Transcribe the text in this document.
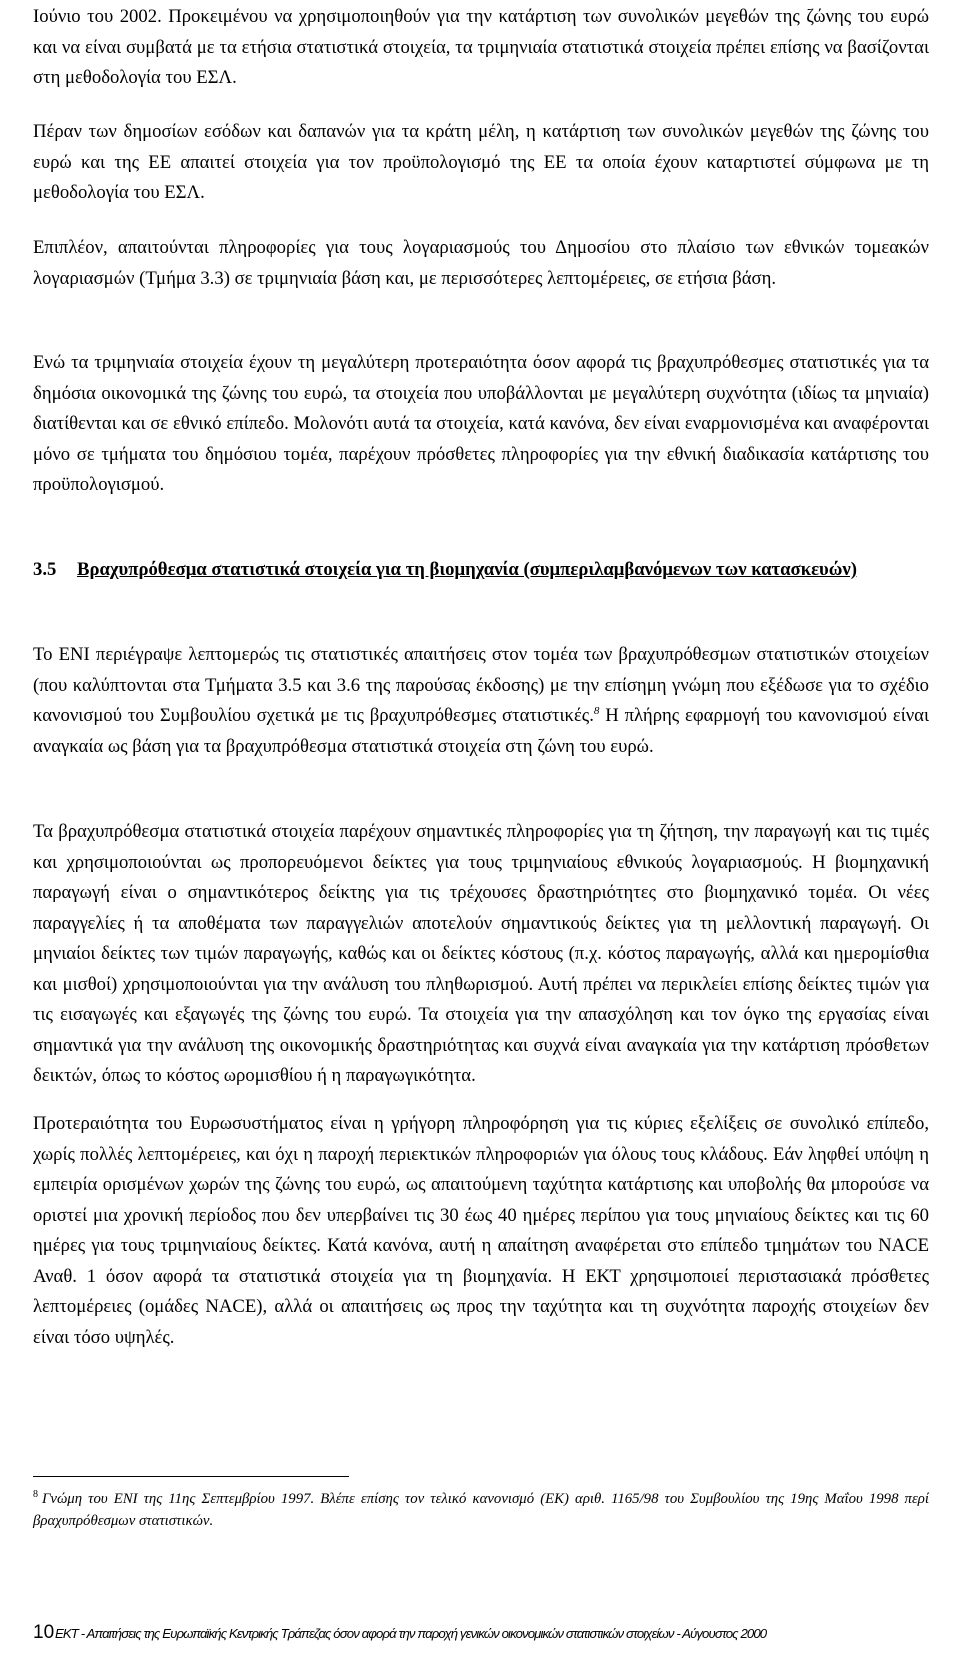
Ιούνιο του 2002. Προκειμένου να χρησιμοποιηθούν για την κατάρτιση των συνολικών μεγεθών της ζώνης του ευρώ και να είναι συμβατά με τα ετήσια στατιστικά στοιχεία, τα τριμηνιαία στατιστικά στοιχεία πρέπει επίσης να βασίζονται στη μεθοδολογία του ΕΣΛ.

Πέραν των δημοσίων εσόδων και δαπανών για τα κράτη μέλη, η κατάρτιση των συνολικών μεγεθών της ζώνης του ευρώ και της ΕΕ απαιτεί στοιχεία για τον προϋπολογισμό της ΕΕ τα οποία έχουν καταρτιστεί σύμφωνα με τη μεθοδολογία του ΕΣΛ.

Επιπλέον, απαιτούνται πληροφορίες για τους λογαριασμούς του Δημοσίου στο πλαίσιο των εθνικών τομεακών λογαριασμών (Τμήμα 3.3) σε τριμηνιαία βάση και, με περισσότερες λεπτομέρειες, σε ετήσια βάση.

Ενώ τα τριμηνιαία στοιχεία έχουν τη μεγαλύτερη προτεραιότητα όσον αφορά τις βραχυπρόθεσμες στατιστικές για τα δημόσια οικονομικά της ζώνης του ευρώ, τα στοιχεία που υποβάλλονται με μεγαλύτερη συχνότητα (ιδίως τα μηνιαία) διατίθενται και σε εθνικό επίπεδο. Μολονότι αυτά τα στοιχεία, κατά κανόνα, δεν είναι εναρμονισμένα και αναφέρονται μόνο σε τμήματα του δημόσιου τομέα, παρέχουν πρόσθετες πληροφορίες για την εθνική διαδικασία κατάρτισης του προϋπολογισμού.

3.5	Βραχυπρόθεσμα στατιστικά στοιχεία για τη βιομηχανία (συμπεριλαμβανόμενων των κατασκευών)

Το ΕΝΙ περιέγραψε λεπτομερώς τις στατιστικές απαιτήσεις στον τομέα των βραχυπρόθεσμων στατιστικών στοιχείων (που καλύπτονται στα Τμήματα 3.5 και 3.6 της παρούσας έκδοσης) με την επίσημη γνώμη που εξέδωσε για το σχέδιο κανονισμού του Συμβουλίου σχετικά με τις βραχυπρόθεσμες στατιστικές.$^8$ Η πλήρης εφαρμογή του κανονισμού είναι αναγκαία ως βάση για τα βραχυπρόθεσμα στατιστικά στοιχεία στη ζώνη του ευρώ.

Τα βραχυπρόθεσμα στατιστικά στοιχεία παρέχουν σημαντικές πληροφορίες για τη ζήτηση, την παραγωγή και τις τιμές και χρησιμοποιούνται ως προπορευόμενοι δείκτες για τους τριμηνιαίους εθνικούς λογαριασμούς. Η βιομηχανική παραγωγή είναι ο σημαντικότερος δείκτης για τις τρέχουσες δραστηριότητες στο βιομηχανικό τομέα. Οι νέες παραγγελίες ή τα αποθέματα των παραγγελιών αποτελούν σημαντικούς δείκτες για τη μελλοντική παραγωγή. Οι μηνιαίοι δείκτες των τιμών παραγωγής, καθώς και οι δείκτες κόστους (π.χ. κόστος παραγωγής, αλλά και ημερομίσθια και μισθοί) χρησιμοποιούνται για την ανάλυση του πληθωρισμού. Αυτή πρέπει να περικλείει επίσης δείκτες τιμών για τις εισαγωγές και εξαγωγές της ζώνης του ευρώ. Τα στοιχεία για την απασχόληση και τον όγκο της εργασίας είναι σημαντικά για την ανάλυση της οικονομικής δραστηριότητας και συχνά είναι αναγκαία για την κατάρτιση πρόσθετων δεικτών, όπως το κόστος ωρομισθίου ή η παραγωγικότητα.

Προτεραιότητα του Ευρωσυστήματος είναι η γρήγορη πληροφόρηση για τις κύριες εξελίξεις σε συνολικό επίπεδο, χωρίς πολλές λεπτομέρειες, και όχι η παροχή περιεκτικών πληροφοριών για όλους τους κλάδους. Εάν ληφθεί υπόψη η εμπειρία ορισμένων χωρών της ζώνης του ευρώ, ως απαιτούμενη ταχύτητα κατάρτισης και υποβολής θα μπορούσε να οριστεί μια χρονική περίοδος που δεν υπερβαίνει τις 30 έως 40 ημέρες περίπου για τους μηνιαίους δείκτες και τις 60 ημέρες για τους τριμηνιαίους δείκτες. Κατά κανόνα, αυτή η απαίτηση αναφέρεται στο επίπεδο τμημάτων του NACE Αναθ. 1 όσον αφορά τα στατιστικά στοιχεία για τη βιομηχανία. Η ΕΚΤ χρησιμοποιεί περιστασιακά πρόσθετες λεπτομέρειες (ομάδες NACE), αλλά οι απαιτήσεις ως προς την ταχύτητα και τη συχνότητα παροχής στοιχείων δεν είναι τόσο υψηλές.

$^8$ Γνώμη του ΕΝΙ της 11ης Σεπτεμβρίου 1997. Βλέπε επίσης τον τελικό κανονισμό (ΕΚ) αριθ. 1165/98 του Συμβουλίου της 19ης Μαΐου 1998 περί βραχυπρόθεσμων στατιστικών.
10 ΕΚΤ - Απαιτήσεις της Ευρωπαϊκής Κεντρικής Τράπεζας όσον αφορά την παροχή γενικών οικονομικών στατιστικών στοιχείων - Αύγουστος 2000
